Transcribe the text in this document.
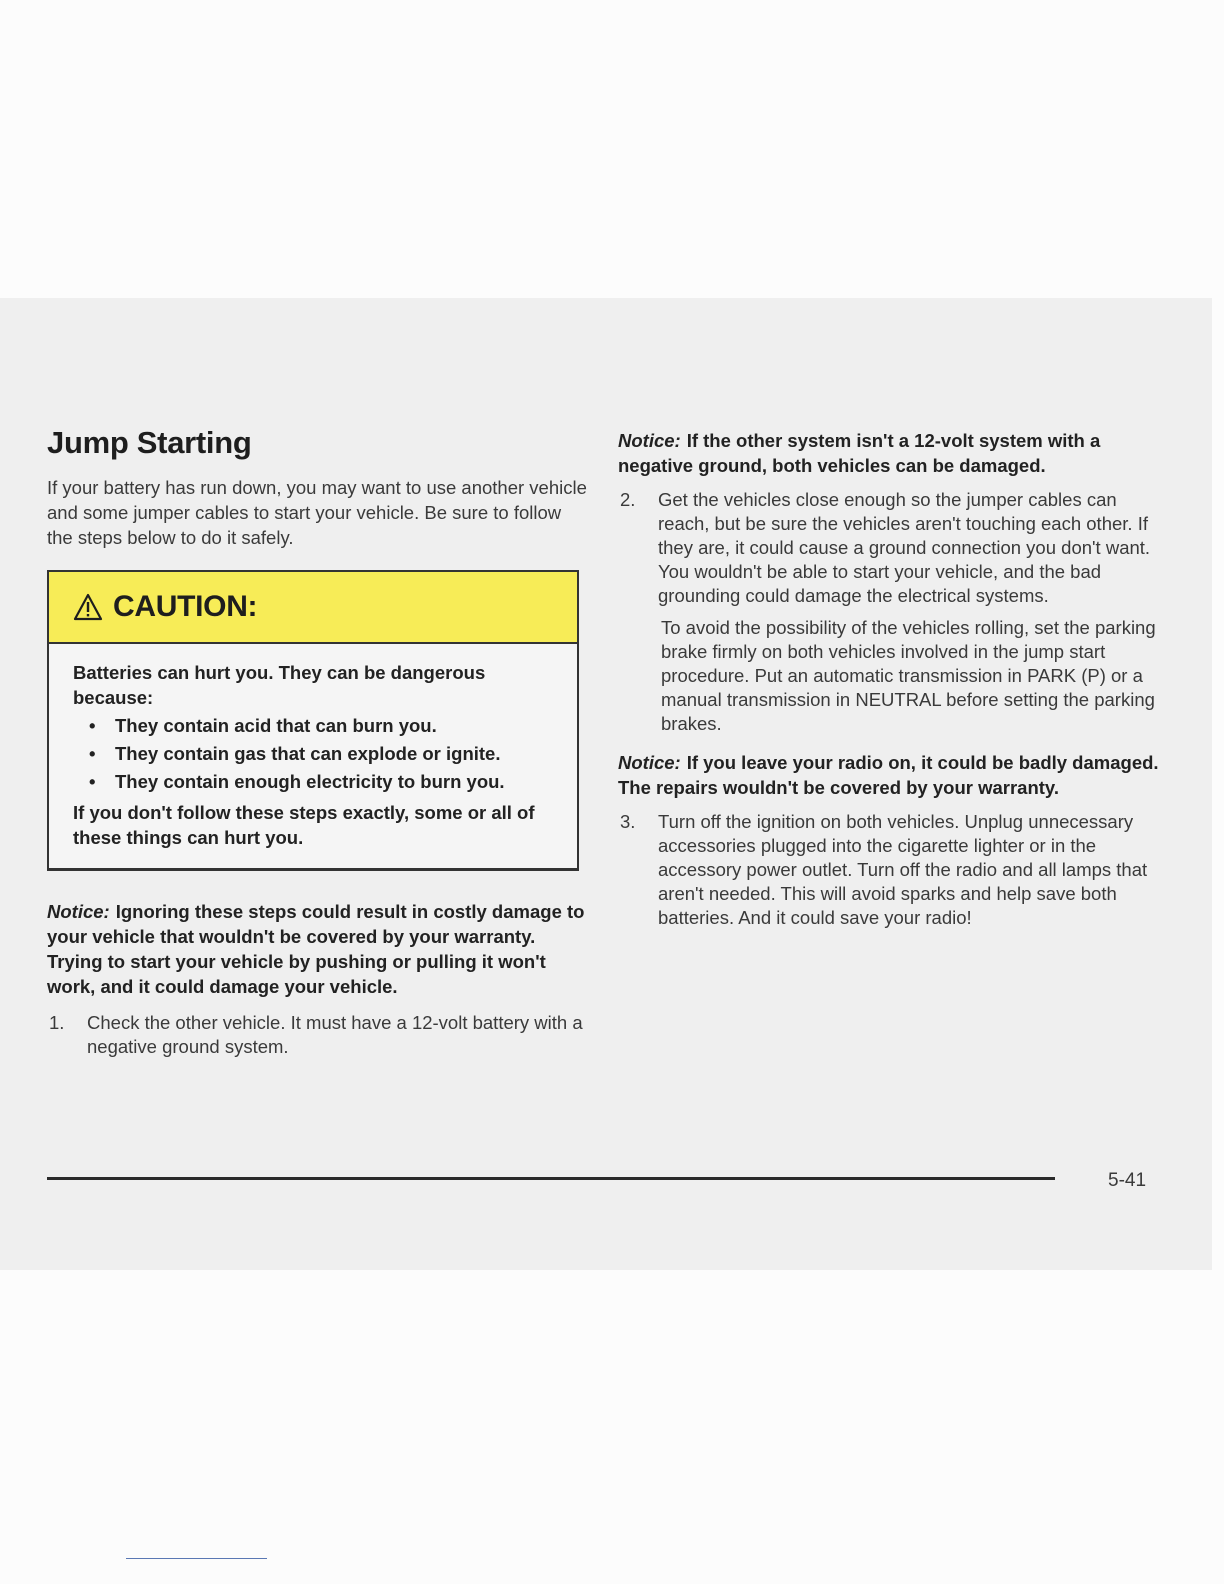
Jump Starting

If your battery has run down, you may want to use another vehicle and some jumper cables to start your vehicle. Be sure to follow the steps below to do it safely.

CAUTION:
Batteries can hurt you. They can be dangerous because:
• They contain acid that can burn you.
• They contain gas that can explode or ignite.
• They contain enough electricity to burn you.
If you don't follow these steps exactly, some or all of these things can hurt you.

Notice: Ignoring these steps could result in costly damage to your vehicle that wouldn't be covered by your warranty. Trying to start your vehicle by pushing or pulling it won't work, and it could damage your vehicle.

1.	Check the other vehicle. It must have a 12-volt battery with a negative ground system.

Notice: If the other system isn't a 12-volt system with a negative ground, both vehicles can be damaged.

2.	Get the vehicles close enough so the jumper cables can reach, but be sure the vehicles aren't touching each other. If they are, it could cause a ground connection you don't want. You wouldn't be able to start your vehicle, and the bad grounding could damage the electrical systems.

To avoid the possibility of the vehicles rolling, set the parking brake firmly on both vehicles involved in the jump start procedure. Put an automatic transmission in PARK (P) or a manual transmission in NEUTRAL before setting the parking brakes.

Notice: If you leave your radio on, it could be badly damaged. The repairs wouldn't be covered by your warranty.

3.	Turn off the ignition on both vehicles. Unplug unnecessary accessories plugged into the cigarette lighter or in the accessory power outlet. Turn off the radio and all lamps that aren't needed. This will avoid sparks and help save both batteries. And it could save your radio!
5-41
